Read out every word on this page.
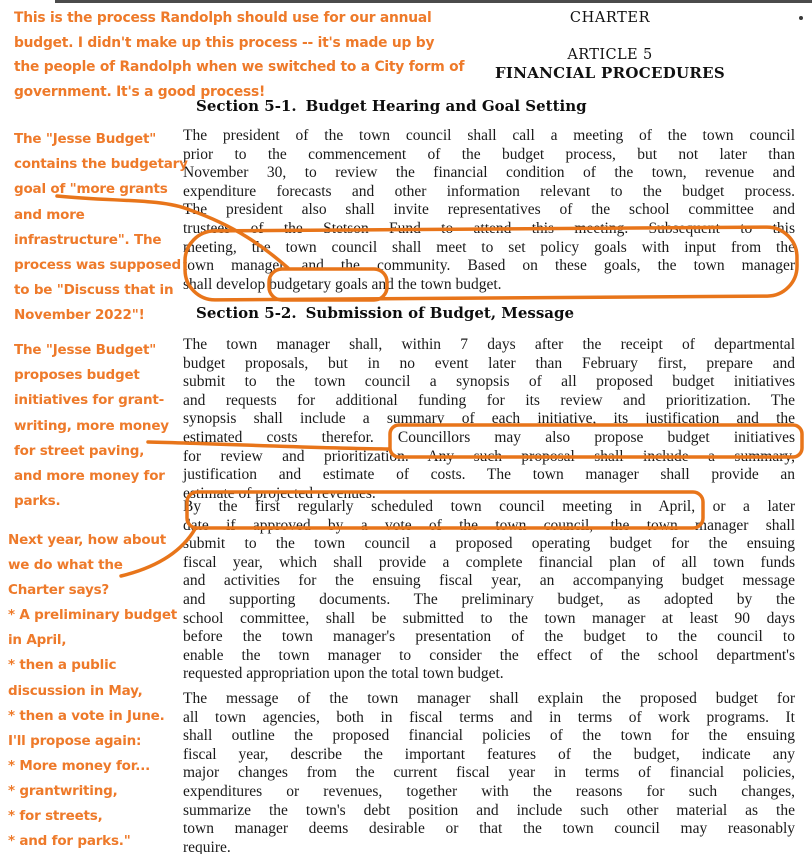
CHARTER
ARTICLE 5
FINANCIAL PROCEDURES
Section 5-1. Budget Hearing and Goal Setting
The president of the town council shall call a meeting of the town council
prior to the commencement of the budget process, but not later than
November 30, to review the financial condition of the town, revenue and
expenditure forecasts and other information relevant to the budget process.
The president also shall invite representatives of the school committee and
trustees of the Stetson Fund to attend this meeting. Subsequent to this
meeting, the town council shall meet to set policy goals with input from the
town manager and the community. Based on these goals, the town manager
shall develop budgetary goals and the town budget.
Section 5-2. Submission of Budget, Message
The town manager shall, within 7 days after the receipt of departmental
budget proposals, but in no event later than February first, prepare and
submit to the town council a synopsis of all proposed budget initiatives
and requests for additional funding for its review and prioritization. The
synopsis shall include a summary of each initiative, its justification and the
estimated costs therefor. Councillors may also propose budget initiatives
for review and prioritization. Any such proposal shall include a summary,
justification and estimate of costs. The town manager shall provide an
estimate of projected revenues.
By the first regularly scheduled town council meeting in April, or a later
date if approved by a vote of the town council, the town manager shall
submit to the town council a proposed operating budget for the ensuing
fiscal year, which shall provide a complete financial plan of all town funds
and activities for the ensuing fiscal year, an accompanying budget message
and supporting documents. The preliminary budget, as adopted by the
school committee, shall be submitted to the town manager at least 90 days
before the town manager's presentation of the budget to the council to
enable the town manager to consider the effect of the school department's
requested appropriation upon the total town budget.
The message of the town manager shall explain the proposed budget for
all town agencies, both in fiscal terms and in terms of work programs. It
shall outline the proposed financial policies of the town for the ensuing
fiscal year, describe the important features of the budget, indicate any
major changes from the current fiscal year in terms of financial policies,
expenditures or revenues, together with the reasons for such changes,
summarize the town's debt position and include such other material as the
town manager deems desirable or that the town council may reasonably
require.
This is the process Randolph should use for our annual
budget. I didn't make up this process -- it's made up by
the people of Randolph when we switched to a City form of
government. It's a good process!
The "Jesse Budget"
contains the budgetary
goal of "more grants
and more
infrastructure". The
process was supposed
to be "Discuss that in
November 2022"!
The "Jesse Budget"
proposes budget
initiatives for grant-
writing, more money
for street paving,
and more money for
parks.
Next year, how about
we do what the
Charter says?
* A preliminary budget
in April,
* then a public
discussion in May,
* then a vote in June.
I'll propose again:
* More money for...
* grantwriting,
* for streets,
* and for parks."
